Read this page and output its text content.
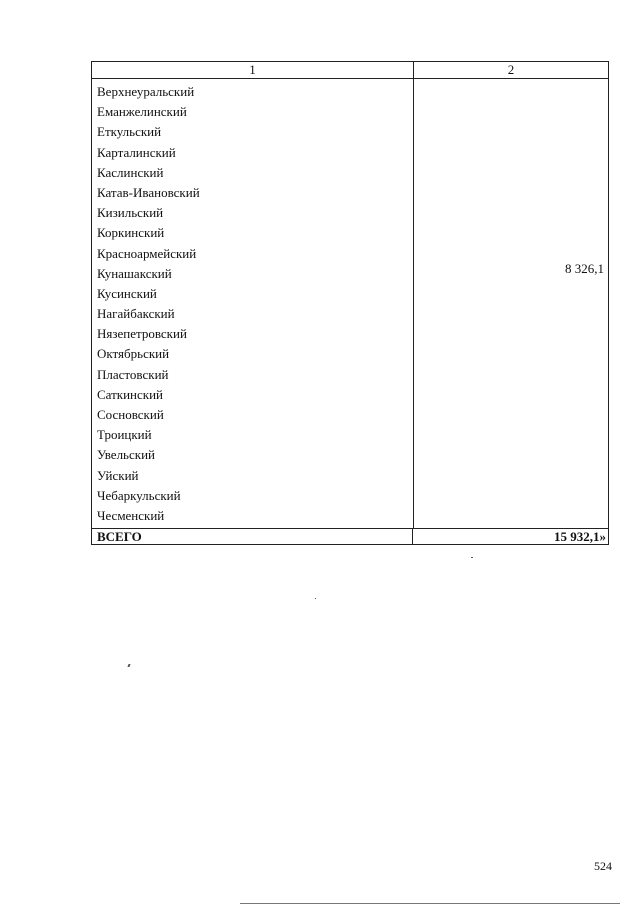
1	2
Верхнеуральский
Еманжелинский
Еткульский
Карталинский
Каслинский
Катав-Ивановский
Кизильский
Коркинский
Красноармейский
Кунашакский
Кусинский
Нагайбакский
Нязепетровский
Октябрьский
Пластовский
Саткинский
Сосновский
Троицкий
Увельский
Уйский
Чебаркульский
Чесменский
8 326,1
ВСЕГО	15 932,1»
524
